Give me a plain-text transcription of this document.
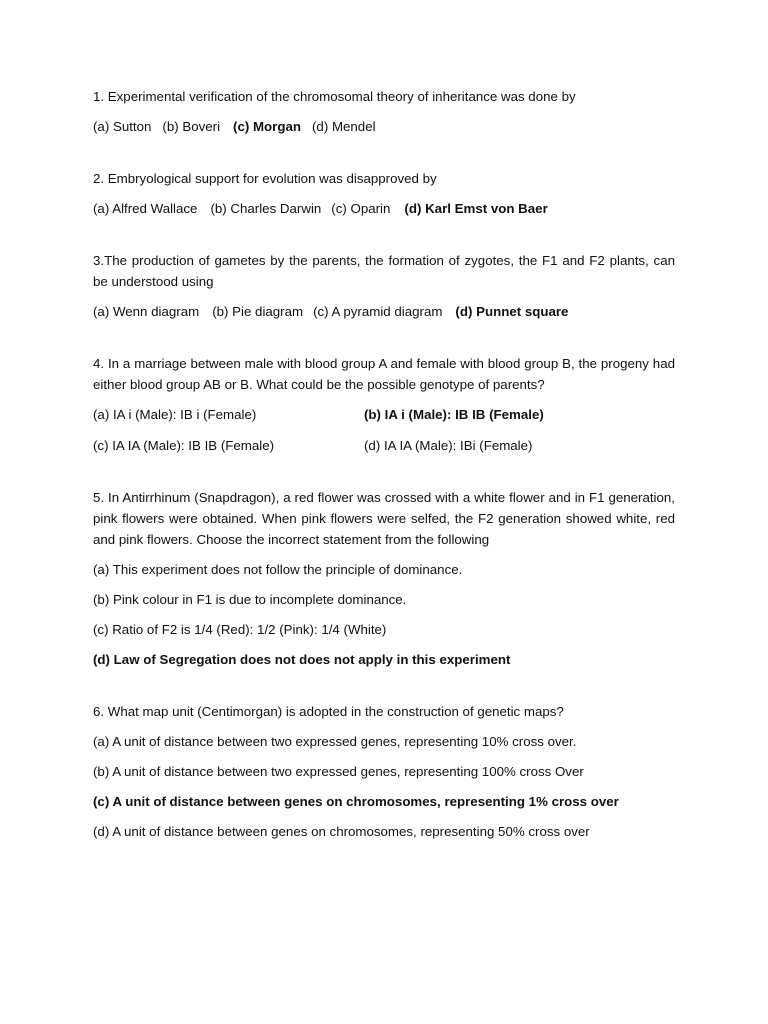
1. Experimental verification of the chromosomal theory of inheritance was done by

(a) Sutton (b) Boveri (c) Morgan (d) Mendel

2. Embryological support for evolution was disapproved by

(a) Alfred Wallace (b) Charles Darwin (c) Oparin (d) Karl Emst von Baer

3.The production of gametes by the parents, the formation of zygotes, the F1 and F2 plants, can be understood using

(a) Wenn diagram (b) Pie diagram (c) A pyramid diagram (d) Punnet square

4. In a marriage between male with blood group A and female with blood group B, the progeny had either blood group AB or B. What could be the possible genotype of parents?

(a) IA i (Male): IB i (Female)	(b) IA i (Male): IB IB (Female)
(c) IA IA (Male): IB IB (Female)	(d) IA IA (Male): IBi (Female)

5. In Antirrhinum (Snapdragon), a red flower was crossed with a white flower and in F1 generation, pink flowers were obtained. When pink flowers were selfed, the F2 generation showed white, red and pink flowers. Choose the incorrect statement from the following

(a) This experiment does not follow the principle of dominance.

(b) Pink colour in F1 is due to incomplete dominance.

(c) Ratio of F2 is 1/4 (Red): 1/2 (Pink): 1/4 (White)

(d) Law of Segregation does not does not apply in this experiment

6. What map unit (Centimorgan) is adopted in the construction of genetic maps?

(a) A unit of distance between two expressed genes, representing 10% cross over.

(b) A unit of distance between two expressed genes, representing 100% cross Over

(c) A unit of distance between genes on chromosomes, representing 1% cross over

(d) A unit of distance between genes on chromosomes, representing 50% cross over
